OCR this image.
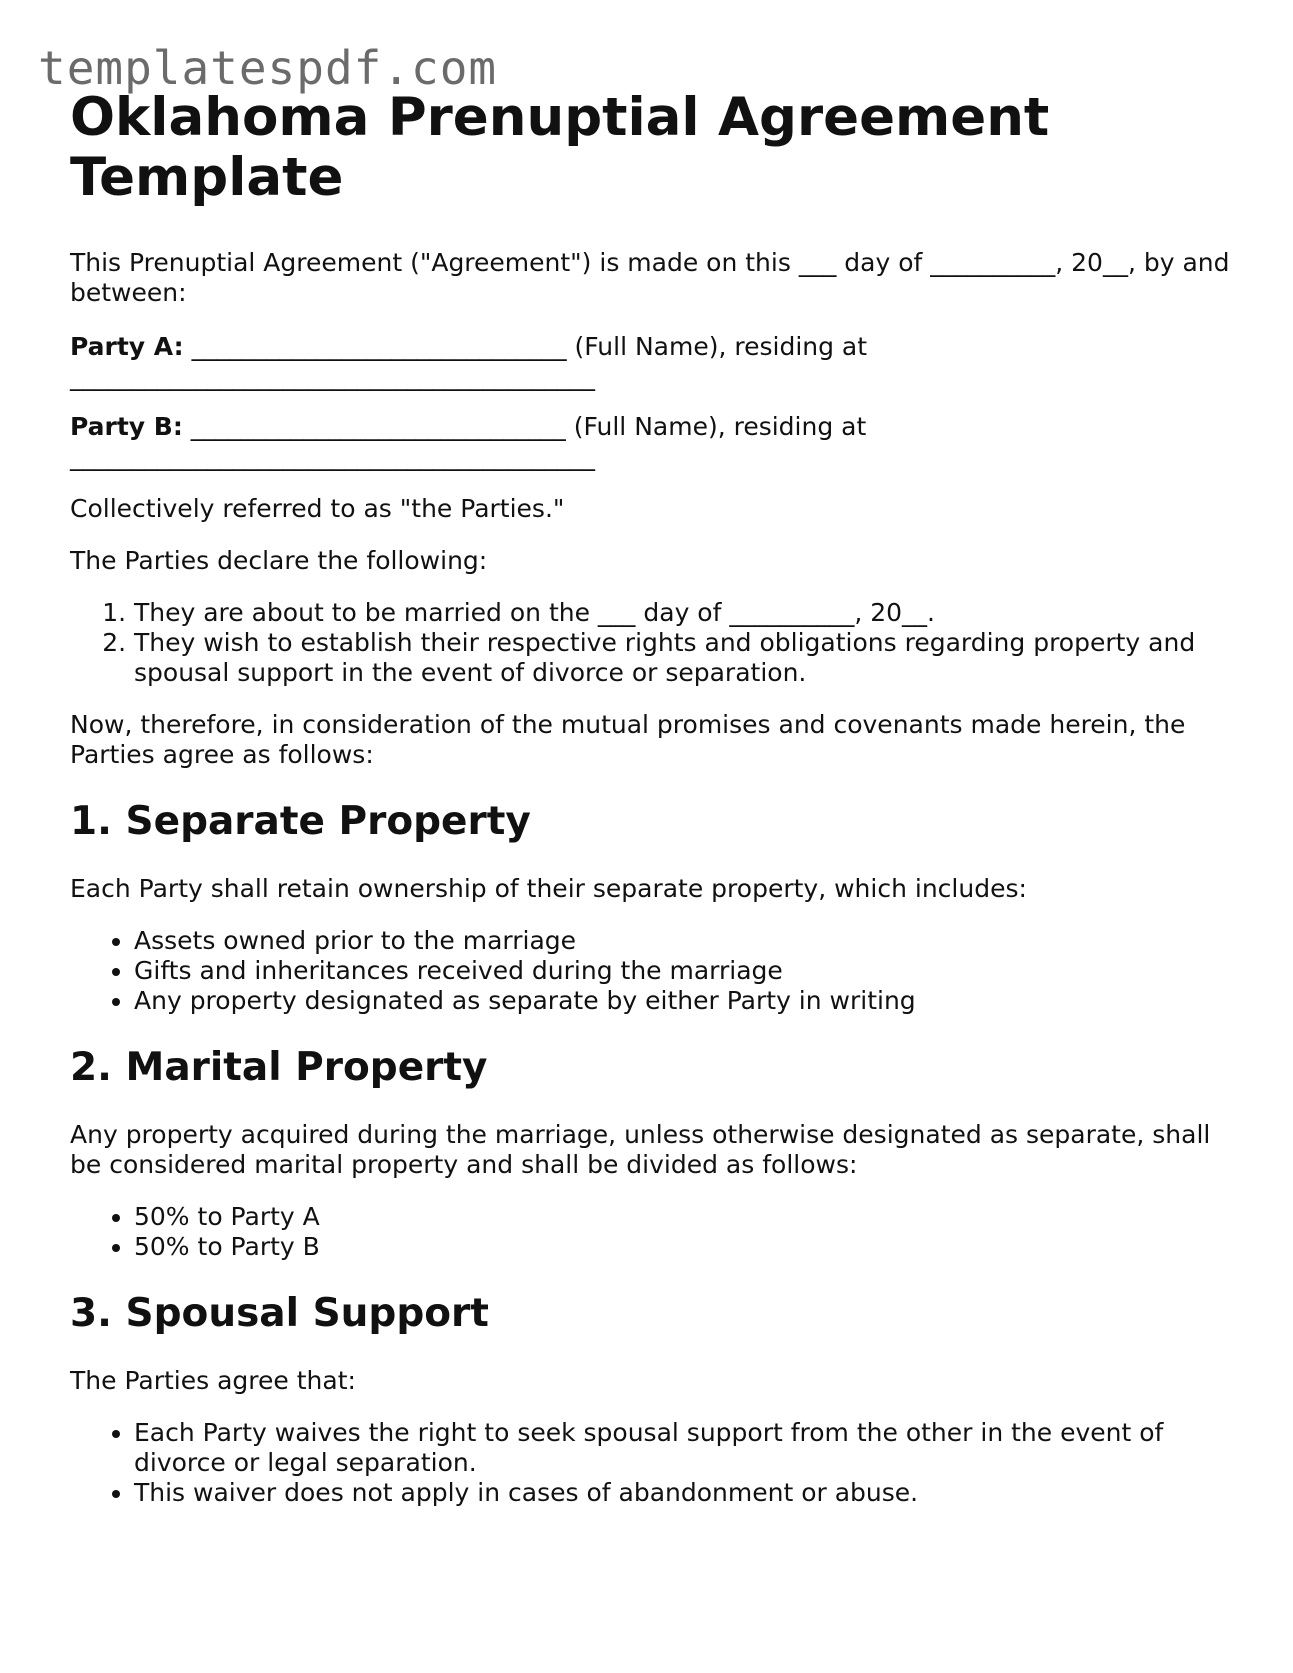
templatespdf.com
Oklahoma Prenuptial Agreement Template

This Prenuptial Agreement ("Agreement") is made on this ___ day of __________, 20__, by and between:

Party A: ______________________________ (Full Name), residing at

__________________________________________

Party B: ______________________________ (Full Name), residing at

__________________________________________

Collectively referred to as "the Parties."

The Parties declare the following:

1. They are about to be married on the ___ day of __________, 20__.
2. They wish to establish their respective rights and obligations regarding property and spousal support in the event of divorce or separation.

Now, therefore, in consideration of the mutual promises and covenants made herein, the Parties agree as follows:

1. Separate Property

Each Party shall retain ownership of their separate property, which includes:

• Assets owned prior to the marriage
• Gifts and inheritances received during the marriage
• Any property designated as separate by either Party in writing
2. Marital Property

Any property acquired during the marriage, unless otherwise designated as separate, shall be considered marital property and shall be divided as follows:

• 50% to Party A
• 50% to Party B
3. Spousal Support

The Parties agree that:

• Each Party waives the right to seek spousal support from the other in the event of divorce or legal separation.
• This waiver does not apply in cases of abandonment or abuse.
